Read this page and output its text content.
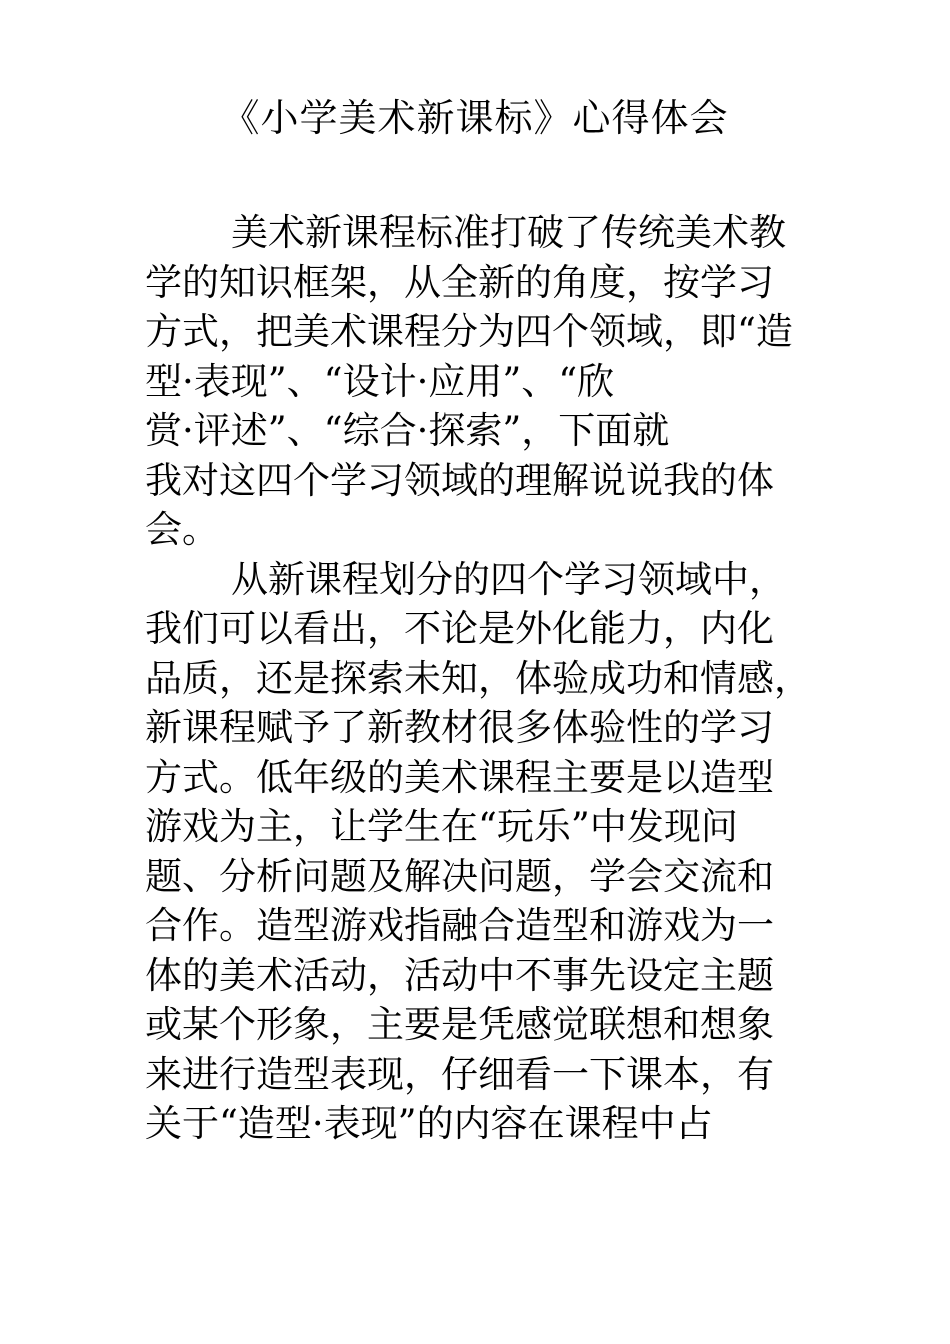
《小学美术新课标》心得体会
美术新课程标准打破了传统美术教
学的知识框架，从全新的角度，按学习
方式，把美术课程分为四个领域，即“造
型·表现”、“设计·应用”、“欣
赏·评述”、“综合·探索”，下面就
我对这四个学习领域的理解说说我的体
会。
从新课程划分的四个学习领域中，
我们可以看出，不论是外化能力，内化
品质，还是探索未知，体验成功和情感，
新课程赋予了新教材很多体验性的学习
方式。低年级的美术课程主要是以造型
游戏为主，让学生在“玩乐”中发现问
题、分析问题及解决问题，学会交流和
合作。造型游戏指融合造型和游戏为一
体的美术活动，活动中不事先设定主题
或某个形象，主要是凭感觉联想和想象
来进行造型表现，仔细看一下课本，有
关于“造型·表现”的内容在课程中占
